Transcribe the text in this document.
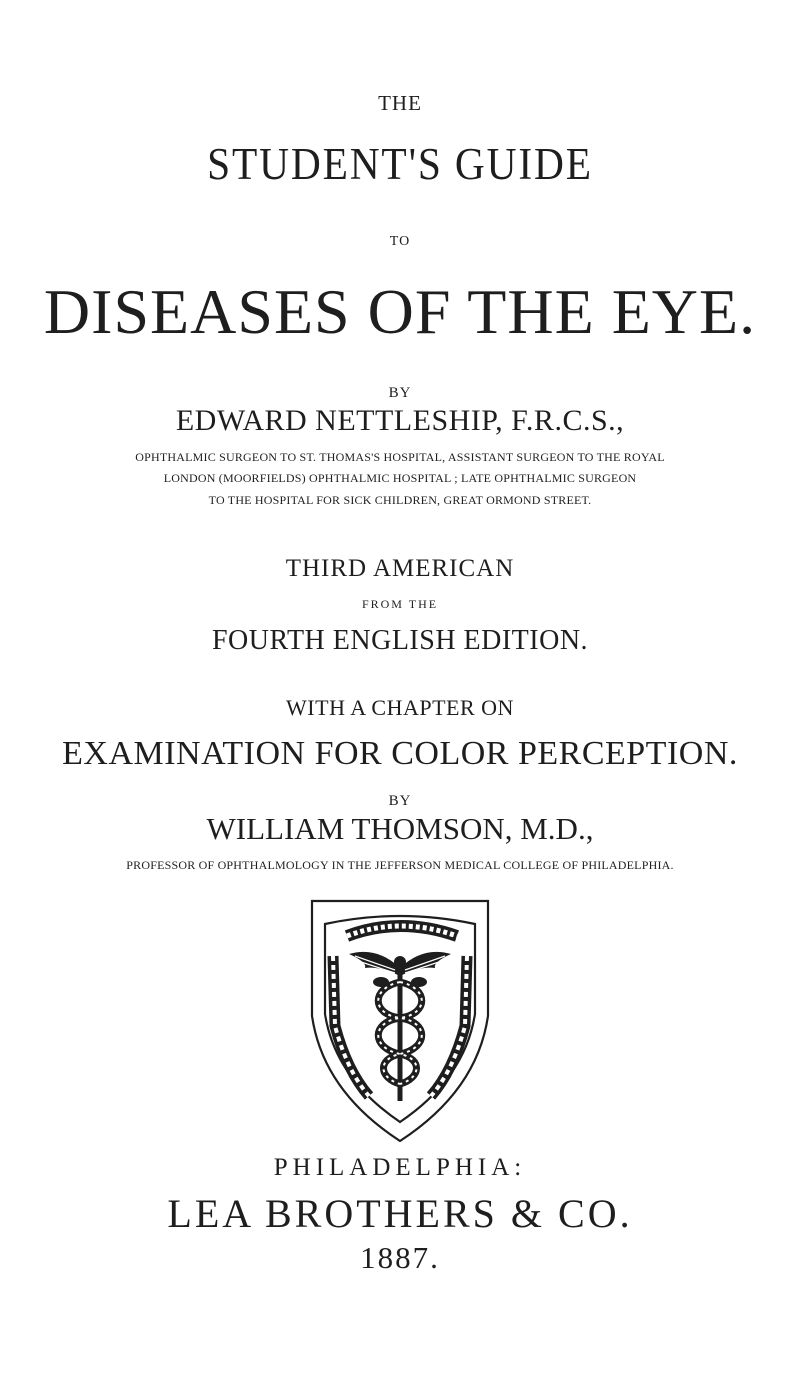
THE
STUDENT'S GUIDE
TO
DISEASES OF THE EYE.
BY
EDWARD NETTLESHIP, F.R.C.S.,
OPHTHALMIC SURGEON TO ST. THOMAS'S HOSPITAL, ASSISTANT SURGEON TO THE ROYAL
LONDON (MOORFIELDS) OPHTHALMIC HOSPITAL ; LATE OPHTHALMIC SURGEON
TO THE HOSPITAL FOR SICK CHILDREN, GREAT ORMOND STREET.
THIRD AMERICAN
FROM THE
FOURTH ENGLISH EDITION.
WITH A CHAPTER ON
EXAMINATION FOR COLOR PERCEPTION.
BY
WILLIAM THOMSON, M.D.,
PROFESSOR OF OPHTHALMOLOGY IN THE JEFFERSON MEDICAL COLLEGE OF PHILADELPHIA.
PHILADELPHIA:
LEA BROTHERS & CO.
1887.
